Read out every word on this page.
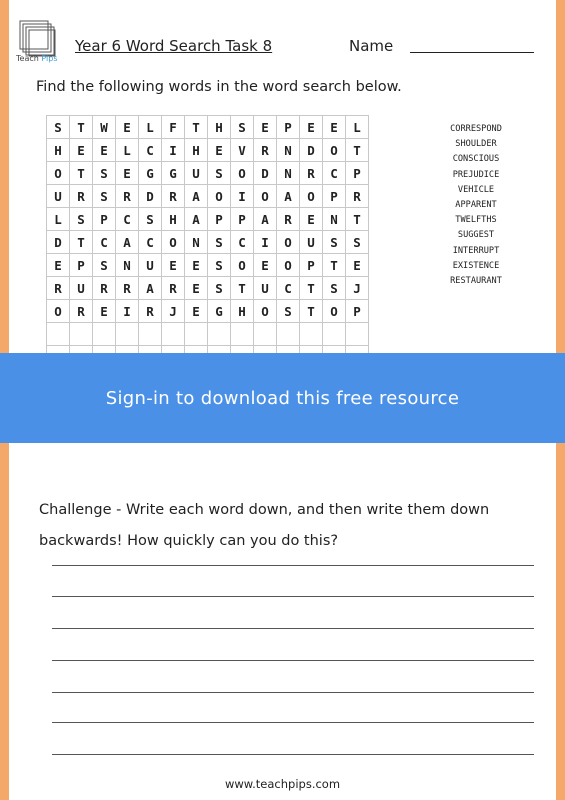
Teach Pips
Year 6 Word Search Task 8	Name
Find the following words in the word search below.
S	T	W	E	L	F	T	H	S	E	P	E	E	L
H	E	E	L	C	I	H	E	V	R	N	D	O	T
O	T	S	E	G	G	U	S	O	D	N	R	C	P
U	R	S	R	D	R	A	O	I	O	A	O	P	R
L	S	P	C	S	H	A	P	P	A	R	E	N	T
D	T	C	A	C	O	N	S	C	I	O	U	S	S
E	P	S	N	U	E	E	S	O	E	O	P	T	E
R	U	R	R	A	R	E	S	T	U	C	T	S	J
O	R	E	I	R	J	E	G	H	O	S	T	O	P

CORRESPOND
SHOULDER
CONSCIOUS
PREJUDICE
VEHICLE
APPARENT
TWELFTHS
SUGGEST
INTERRUPT
EXISTENCE
RESTAURANT
Challenge - Write each word down, and then write them down backwards! How quickly can you do this?
www.teachpips.com
Sign-in to download this free resource
